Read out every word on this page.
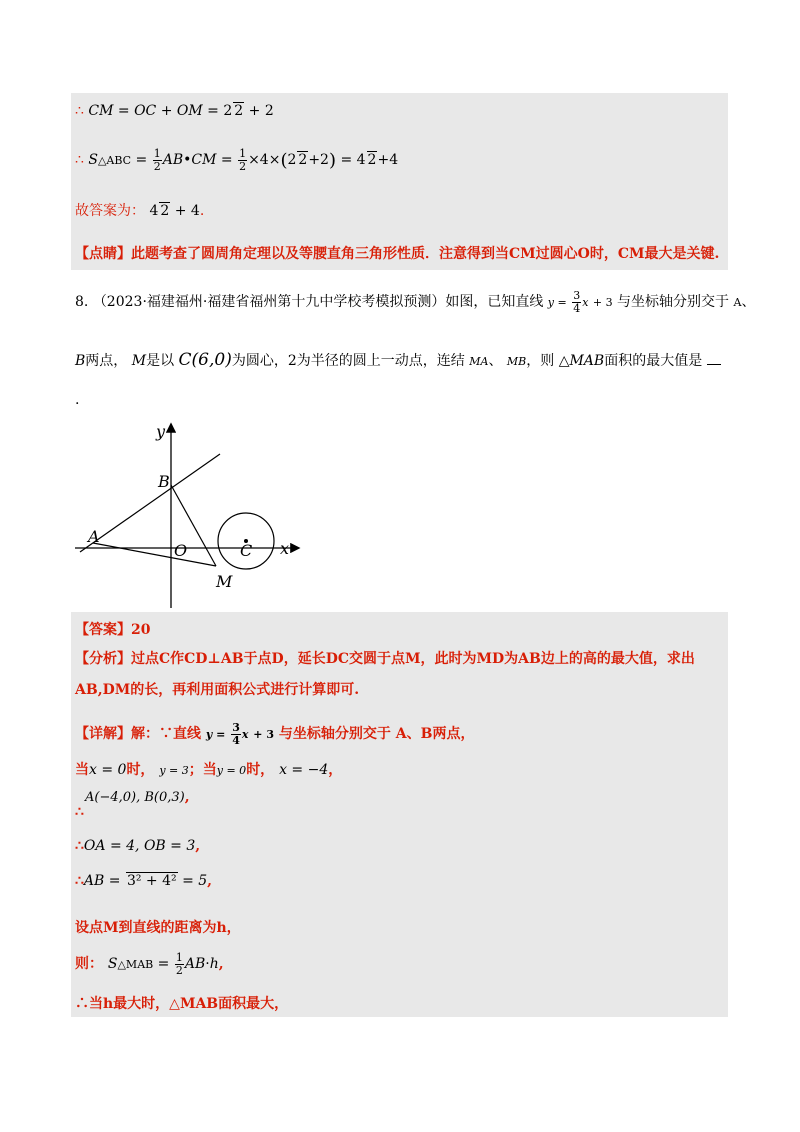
∴ CM = OC + OM = 2 2 + 2
∴ S△ABC = $\frac{1}{2}$ AB•CM = $\frac{1}{2} \times 4\times(2$ 2+2) = 4 2+4
故答案为： 4 2 + 4.
【点睛】此题考查了圆周角定理以及等腰直角三角形性质．注意得到当CM过圆心O时，CM最大是关键.
8. （2023·福建福州·福建省福州第十九中学校考模拟预测）如图，已知直线 $y = \frac{3}{4}$ x + 3 与坐标轴分别交于 A、
B两点， M是以 C(6,0)为圆心，2为半径的圆上一动点，连结 MA、 MB，则 △MAB面积的最大值是
.
y
x
B
A
O	C
M
【答案】20
【分析】过点C作CD⊥AB于点D，延长DC交圆于点M，此时为MD为AB边上的高的最大值，求出
AB,DM的长，再利用面积公式进行计算即可.
【详解】解：∵直线 $y = \frac{3}{4}$ x + 3 与坐标轴分别交于 A、B两点，
当x = 0时， y = 3；当y = 0时， x = −4，
A(−4,0), B(0,3),
∴
∴OA = 4, OB = 3,
∴AB = 3² + 4² = 5,
设点M到直线的距离为h，
则： S△MAB = $\frac{1}{2} AB\cdot h$,
∴当h最大时，△MAB面积最大，
